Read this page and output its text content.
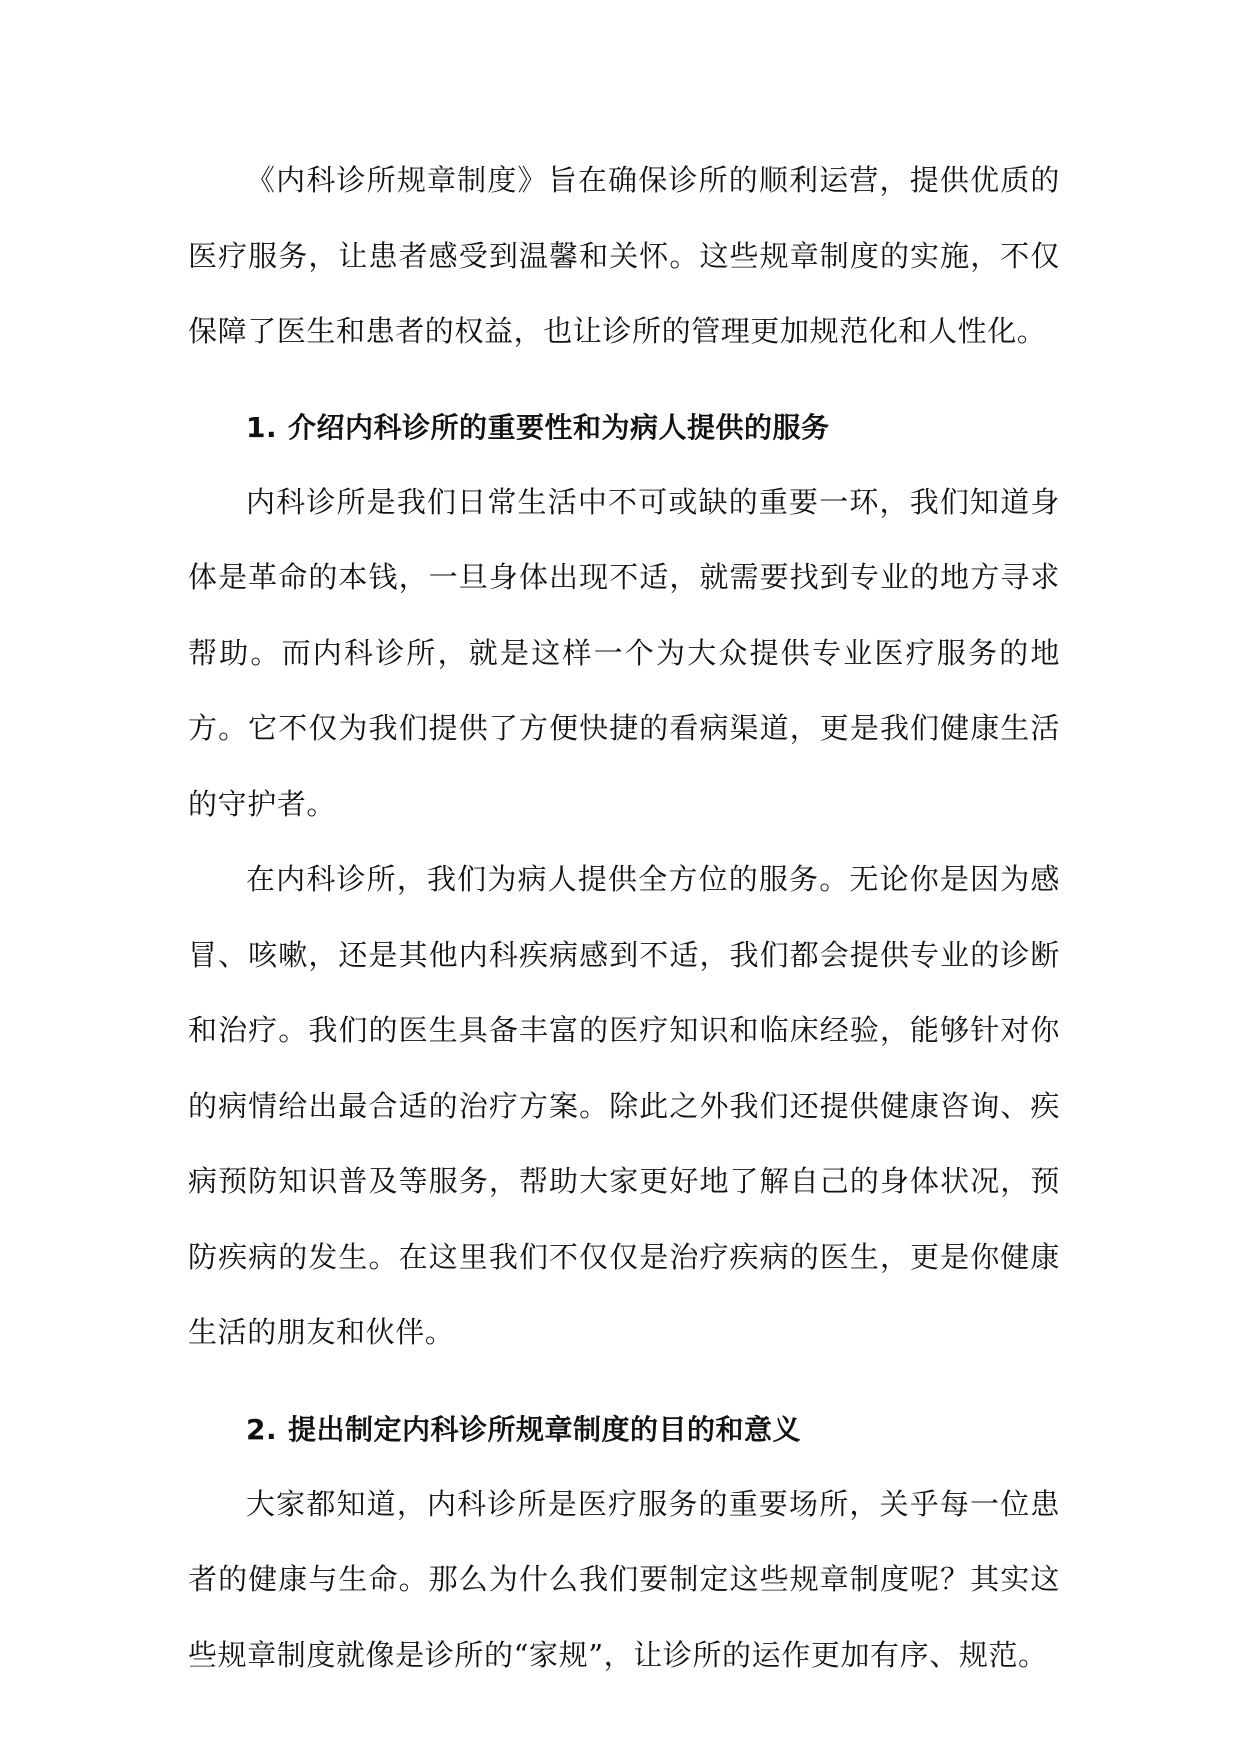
《内科诊所规章制度》旨在确保诊所的顺利运营，提供优质的医疗服务，让患者感受到温馨和关怀。这些规章制度的实施，不仅保障了医生和患者的权益，也让诊所的管理更加规范化和人性化。

1. 介绍内科诊所的重要性和为病人提供的服务

内科诊所是我们日常生活中不可或缺的重要一环，我们知道身体是革命的本钱，一旦身体出现不适，就需要找到专业的地方寻求帮助。而内科诊所，就是这样一个为大众提供专业医疗服务的地方。它不仅为我们提供了方便快捷的看病渠道，更是我们健康生活的守护者。

在内科诊所，我们为病人提供全方位的服务。无论你是因为感冒、咳嗽，还是其他内科疾病感到不适，我们都会提供专业的诊断和治疗。我们的医生具备丰富的医疗知识和临床经验，能够针对你的病情给出最合适的治疗方案。除此之外我们还提供健康咨询、疾病预防知识普及等服务，帮助大家更好地了解自己的身体状况，预防疾病的发生。在这里我们不仅仅是治疗疾病的医生，更是你健康生活的朋友和伙伴。

2. 提出制定内科诊所规章制度的目的和意义

大家都知道，内科诊所是医疗服务的重要场所，关乎每一位患者的健康与生命。那么为什么我们要制定这些规章制度呢？其实这些规章制度就像是诊所的“家规”，让诊所的运作更加有序、规范。
